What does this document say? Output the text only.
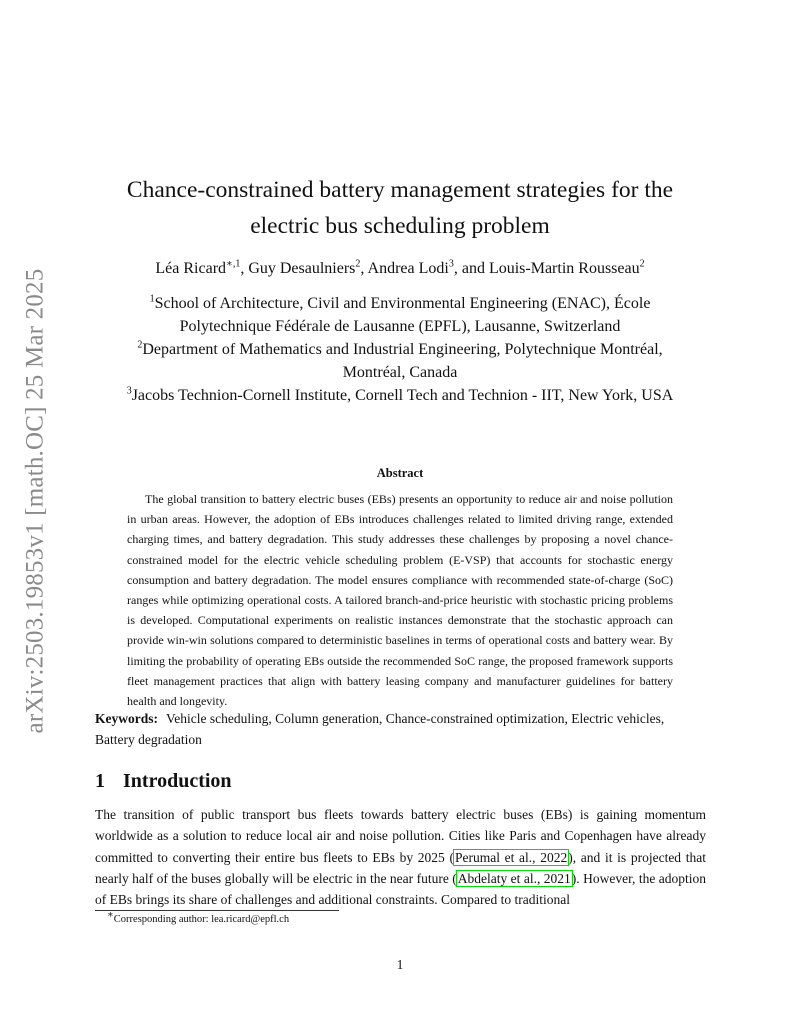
arXiv:2503.19853v1 [math.OC] 25 Mar 2025
Chance-constrained battery management strategies for the
electric bus scheduling problem
Léa Ricard$^{∗,1}$, Guy Desaulniers$^2$, Andrea Lodi$^3$, and Louis-Martin Rousseau$^2$
$^1$School of Architecture, Civil and Environmental Engineering (ENAC), École
Polytechnique Fédérale de Lausanne (EPFL), Lausanne, Switzerland
$^2$Department of Mathematics and Industrial Engineering, Polytechnique Montréal,
Montréal, Canada
$^3$Jacobs Technion-Cornell Institute, Cornell Tech and Technion - IIT, New York, USA
Abstract

The global transition to battery electric buses (EBs) presents an opportunity to reduce air and noise pollution in urban areas. However, the adoption of EBs introduces challenges related to limited driving range, extended charging times, and battery degradation. This study addresses these challenges by proposing a novel chance-constrained model for the electric vehicle scheduling problem (E-VSP) that accounts for stochastic energy consumption and battery degradation. The model ensures compliance with recommended state-of-charge (SoC) ranges while optimizing operational costs. A tailored branch-and-price heuristic with stochastic pricing problems is developed. Computational experiments on realistic instances demonstrate that the stochastic approach can provide win-win solutions compared to deterministic baselines in terms of operational costs and battery wear. By limiting the probability of operating EBs outside the recommended SoC range, the proposed framework supports fleet management practices that align with battery leasing company and manufacturer guidelines for battery health and longevity.

Keywords: Vehicle scheduling, Column generation, Chance-constrained optimization, Electric vehicles, Battery degradation

1 Introduction

The transition of public transport bus fleets towards battery electric buses (EBs) is gaining momentum worldwide as a solution to reduce local air and noise pollution. Cities like Paris and Copenhagen have already committed to converting their entire bus fleets to EBs by 2025 (Perumal et al., 2022), and it is projected that nearly half of the buses globally will be electric in the near future (Abdelaty et al., 2021). However, the adoption of EBs brings its share of challenges and additional constraints. Compared to traditional

∗Corresponding author: lea.ricard@epfl.ch
1
